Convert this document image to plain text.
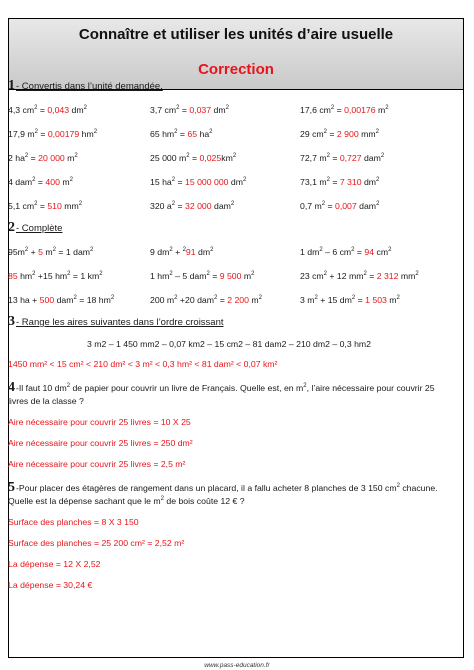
Connaître et utiliser les unités d’aire usuelle
Correction
1 - Convertis dans l’unité demandée.
4,3 $cm^2 = 0,043$ $dm^2$	3,7 $cm^2 = 0,037$ $dm^2$	17,6 $cm^2 = 0,00176$ $m^2$
17,9 $m^2 = 0,00179$ $hm^2$	65 $hm^2 = 65$ $ha^2$	29 $cm^2 = 2$ 900 $mm^2$
2 $ha^2 = 20$ 000 $m^2$	25 000 $m^2 = 0,025km^2$	72,7 $m^2 = 0,727$ dam$^2$
4 dam$^2$ = 400 $m^2$	15 $ha^2 = 15$ 000 000 $dm^2$	73,1 $m^2 = 7$ 310 $dm^2$
5,1 $cm^2 = 510$ $mm^2$	320 $a^2 = 32$ 000 dam$^2$	0,7 $m^2 = 0,007$ dam$^2$
2 - Complète
$95m^2 + 5$ $m^2 = 1$ dam$^2$	9 $dm^2 + ^291$ $dm^2$	1 $dm^2 - 6$ $cm^2 = 94$ $cm^2$
85 $hm^2 +15$ $hm^2 = 1$ $km^2$	1 $hm^2 - 5$ dam$^2$ = 9 500 $m^2$	23 $cm^2 + 12$ $mm^2 = 2$ 312 $mm^2$
13 ha + 500 dam$^2$ = 18 $hm^2$	200 $m^2 +20$ dam$^2$ = 2 200 $m^2$	3 $m^2 + 15$ $dm^2 = 1$ 503 $m^2$
3 - Range les aires suivantes dans l’ordre croissant
3 m2 – 1 450 mm2 – 0,07 km2 – 15 cm2 – 81 dam2 – 210 dm2 – 0,3 hm2
1450 mm² < 15 cm² < 210 dm² < 3 m² < 0,3 hm² < 81 dam² < 0,07 km²
4-Il faut 10 $dm^2$ de papier pour couvrir un livre de Français. Quelle est, en $m^2$, l’aire nécessaire pour couvrir 25 livres de la classe ?
Aire nécessaire pour couvrir 25 livres = 10 X 25
Aire nécessaire pour couvrir 25 livres = 250 dm²
Aire nécessaire pour couvrir 25 livres = 2,5 m²
5-Pour placer des étagères de rangement dans un placard, il a fallu acheter 8 planches de 3 150 $cm^2$ chacune. Quelle est la dépense sachant que le $m^2$ de bois coûte 12 € ?
Surface des planches = 8 X 3 150
Surface des planches = 25 200 cm² = 2,52 m²
La dépense = 12 X 2,52
La dépense = 30,24 €
www.pass-education.fr
